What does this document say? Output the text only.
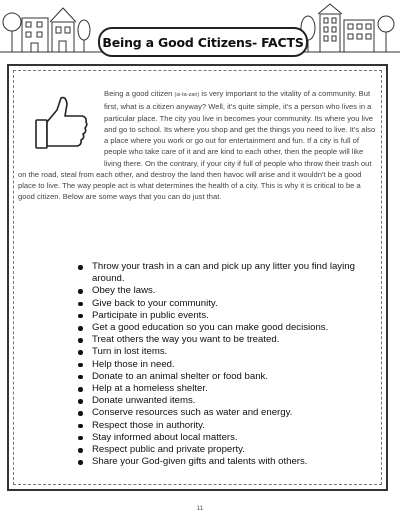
Being a Good Citizens- FACTS
Being a good citizen (si-ta-zan) is very important to the vitality of a community. But first, what is a citizen anyway? Well, it's quite simple, it's a person who lives in a particular place. The city you live in becomes your community. Its where you live and go to school. Its where you shop and get the things you need to live. It's also a place where you work or go out for entertainment and fun. If a city is full of people who take care of it and are kind to each other, then the people will like living there. On the contrary, if your city if full of people who throw their trash out on the road, steal from each other, and destroy the land then havoc will arise and it wouldn't be a good place to live. The way people act is what determines the health of a city. This is why it is critical to be a good citizen. Below are some ways that you can do just that.
Throw your trash in a can and pick up any litter you find laying around.
Obey the laws.
Give back to your community.
Participate in public events.
Get a good education so you can make good decisions.
Treat others the way you want to be treated.
Turn in lost items.
Help those in need.
Donate to an animal shelter or food bank.
Help at a homeless shelter.
Donate unwanted items.
Conserve resources such as water and energy.
Respect those in authority.
Stay informed about local matters.
Respect public and private property.
Share your God-given gifts and talents with others.
11
